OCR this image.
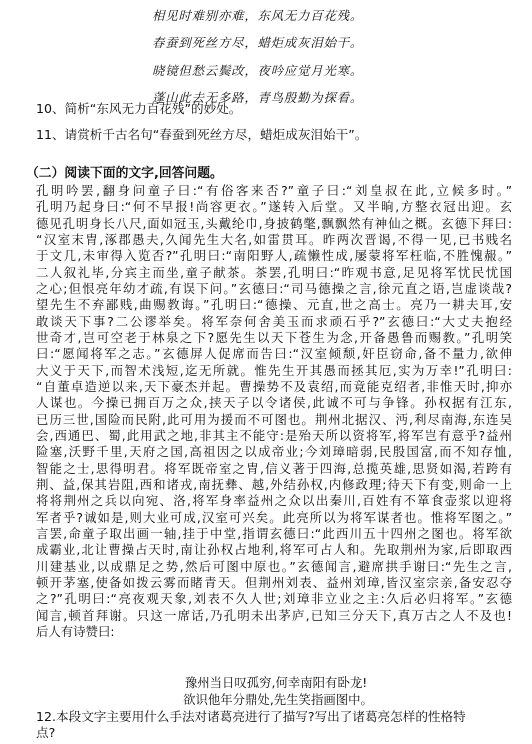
相见时难别亦难，东风无力百花残。
春蚕到死丝方尽，蜡炬成灰泪始干。
晓镜但愁云鬓改，夜吟应觉月光寒。
蓬山此去无多路，青鸟殷勤为探看。
10、简析“东风无力百花残”的妙处。
11、请赏析千古名句“春蚕到死丝方尽，蜡炬成灰泪始干”。
（二）阅读下面的文字,回答问题。
孔明吟罢,翻身问童子曰:“有俗客来否?”童子曰:“刘皇叔在此,立候多时。”
孔明乃起身曰:“何不早报!尚容更衣。”遂转入后堂。又半晌,方整衣冠出迎。玄
德见孔明身长八尺,面如冠玉,头戴纶巾,身披鹤氅,飘飘然有神仙之概。玄德下拜曰:
“汉室末胄,涿郡愚夫,久闻先生大名,如雷贯耳。昨两次晋谒,不得一见,已书贱名
于文几,未审得入览否?”孔明曰:“南阳野人,疏懒性成,屡蒙将军枉临,不胜愧赧。”
二人叙礼毕,分宾主而坐,童子献茶。茶罢,孔明曰:“昨观书意,足见将军忧民忧国
之心;但恨亮年幼才疏,有误下问。”玄德曰:“司马德操之言,徐元直之语,岂虚谈哉?
望先生不弃鄙贱,曲赐教诲。”孔明曰:“德操、元直,世之高士。亮乃一耕夫耳,安
敢谈天下事?二公谬举矣。将军奈何舍美玉而求顽石乎?”玄德曰:“大丈夫抱经
世奇才,岂可空老于林泉之下?愿先生以天下苍生为念,开备愚鲁而赐教。”孔明笑
曰:“愿闻将军之志。”玄德屏人促席而告曰:“汉室倾颓,奸臣窃命,备不量力,欲伸
大义于天下,而智术浅短,迄无所就。惟先生开其愚而拯其厄,实为万幸!”孔明曰:
“自董卓造逆以来,天下豪杰并起。曹操势不及袁绍,而竟能克绍者,非惟天时,抑亦
人谋也。今操已拥百万之众,挟天子以令诸侯,此诚不可与争锋。孙权据有江东,
已历三世,国险而民附,此可用为援而不可图也。荆州北据汉、沔,利尽南海,东连吴
会,西通巴、蜀,此用武之地,非其主不能守:是殆天所以资将军,将军岂有意乎?益州
险塞,沃野千里,天府之国,高祖因之以成帝业;今刘璋暗弱,民殷国富,而不知存恤,
智能之士,思得明君。将军既帝室之胄,信义著于四海,总揽英雄,思贤如渴,若跨有
荆、益,保其岩阻,西和诸戎,南抚彝、越,外结孙权,内修政理;待天下有变,则命一上
将将荆州之兵以向宛、洛,将军身率益州之众以出秦川,百姓有不箪食壶浆以迎将
军者乎?诚如是,则大业可成,汉室可兴矣。此亮所以为将军谋者也。惟将军图之。”
言罢,命童子取出画一轴,挂于中堂,指谓玄德曰:“此西川五十四州之图也。将军欲
成霸业,北让曹操占天时,南让孙权占地利,将军可占人和。先取荆州为家,后即取西
川建基业,以成鼎足之势,然后可图中原也。”玄德闻言,避席拱手谢曰:“先生之言,
顿开茅塞,使备如拨云雾而睹青天。但荆州刘表、益州刘璋,皆汉室宗亲,备安忍夺
之?”孔明曰:“亮夜观天象,刘表不久人世;刘璋非立业之主:久后必归将军。”玄德
闻言,顿首拜谢。只这一席话,乃孔明未出茅庐,已知三分天下,真万古之人不及也!
后人有诗赞曰:
豫州当日叹孤穷,何幸南阳有卧龙!
欲识他年分鼎处,先生笑指画图中。
12.本段文字主要用什么手法对诸葛亮进行了描写?写出了诸葛亮怎样的性格特
点?
